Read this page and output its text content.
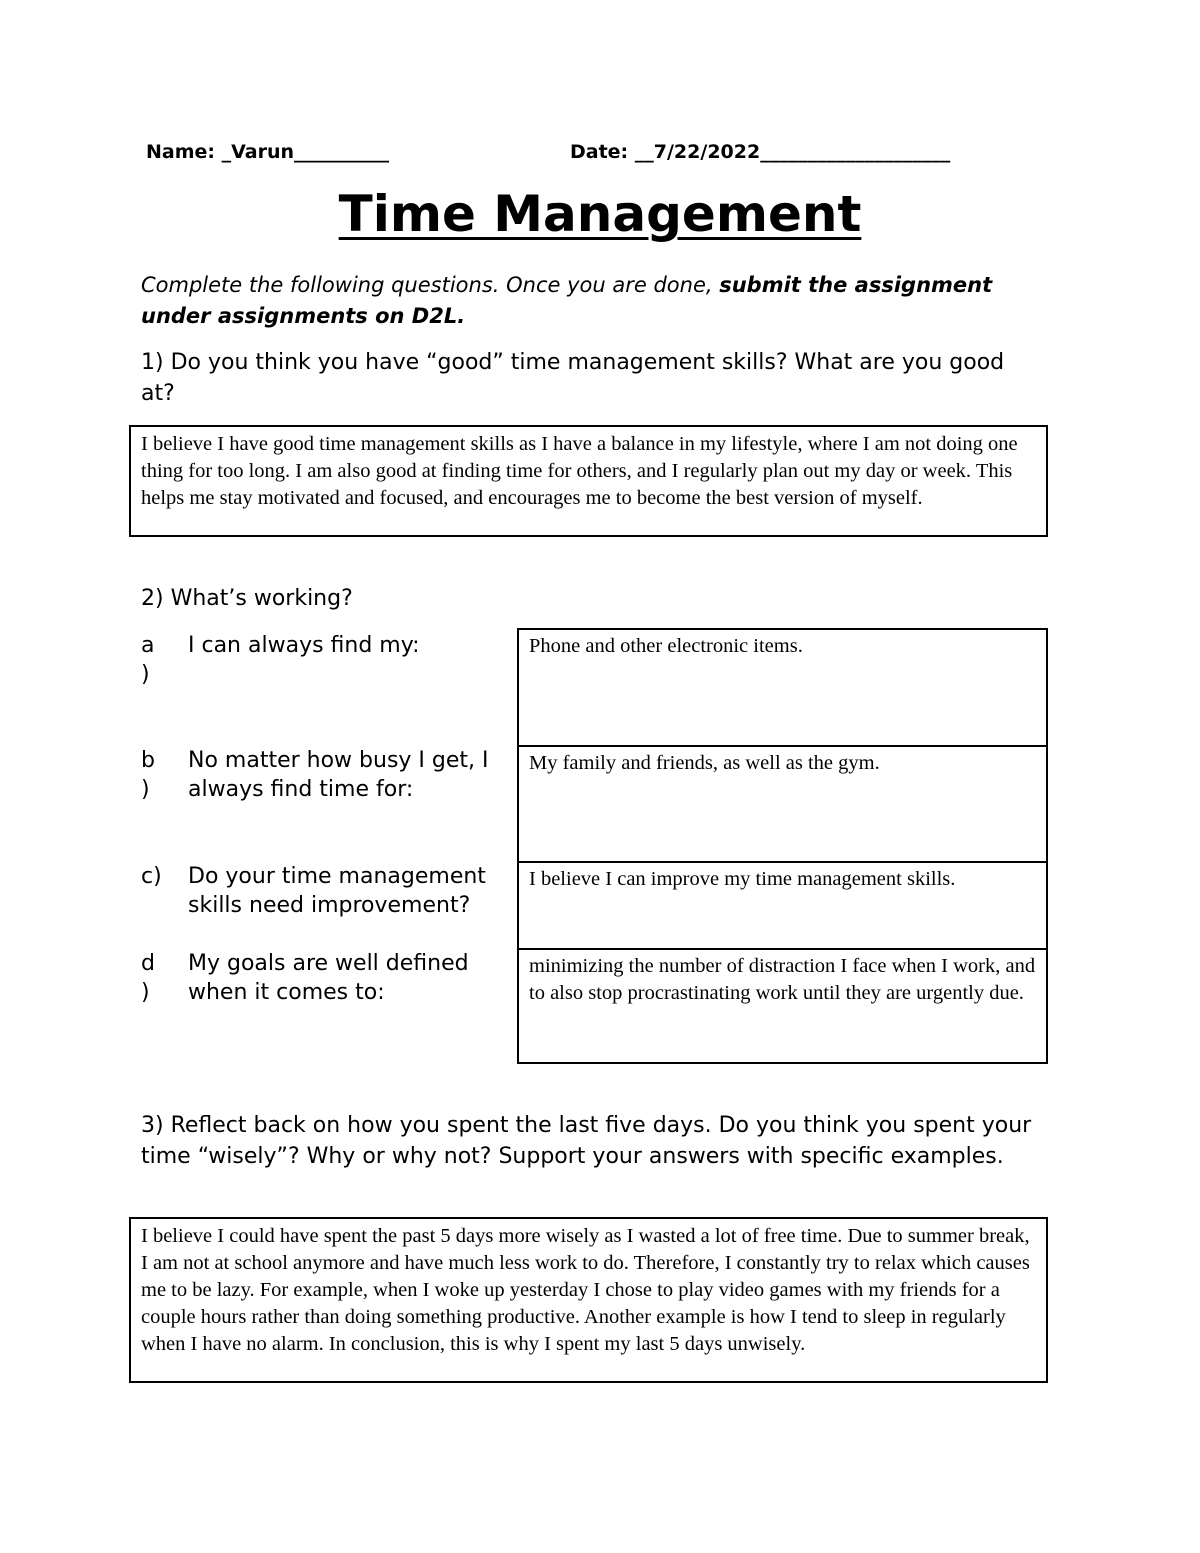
Name: _Varun__________	Date: __7/22/2022____________________
Time Management
Complete the following questions. Once you are done, submit the assignment under assignments on D2L.
1) Do you think you have “good” time management skills? What are you good at?
I believe I have good time management skills as I have a balance in my lifestyle, where I am not doing one thing for too long. I am also good at finding time for others, and I regularly plan out my day or week. This helps me stay motivated and focused, and encourages me to become the best version of myself.
2) What’s working?
a
)
I can always find my:
b
)
No matter how busy I get, I always find time for:
c)	Do your time management skills need improvement?
d
)
My goals are well defined when it comes to:
Phone and other electronic items.
My family and friends, as well as the gym.
I believe I can improve my time management skills.
minimizing the number of distraction I face when I work, and to also stop procrastinating work until they are urgently due.
3) Reflect back on how you spent the last five days. Do you think you spent your time “wisely”? Why or why not? Support your answers with specific examples.
I believe I could have spent the past 5 days more wisely as I wasted a lot of free time. Due to summer break, I am not at school anymore and have much less work to do. Therefore, I constantly try to relax which causes me to be lazy. For example, when I woke up yesterday I chose to play video games with my friends for a couple hours rather than doing something productive. Another example is how I tend to sleep in regularly when I have no alarm. In conclusion, this is why I spent my last 5 days unwisely.
